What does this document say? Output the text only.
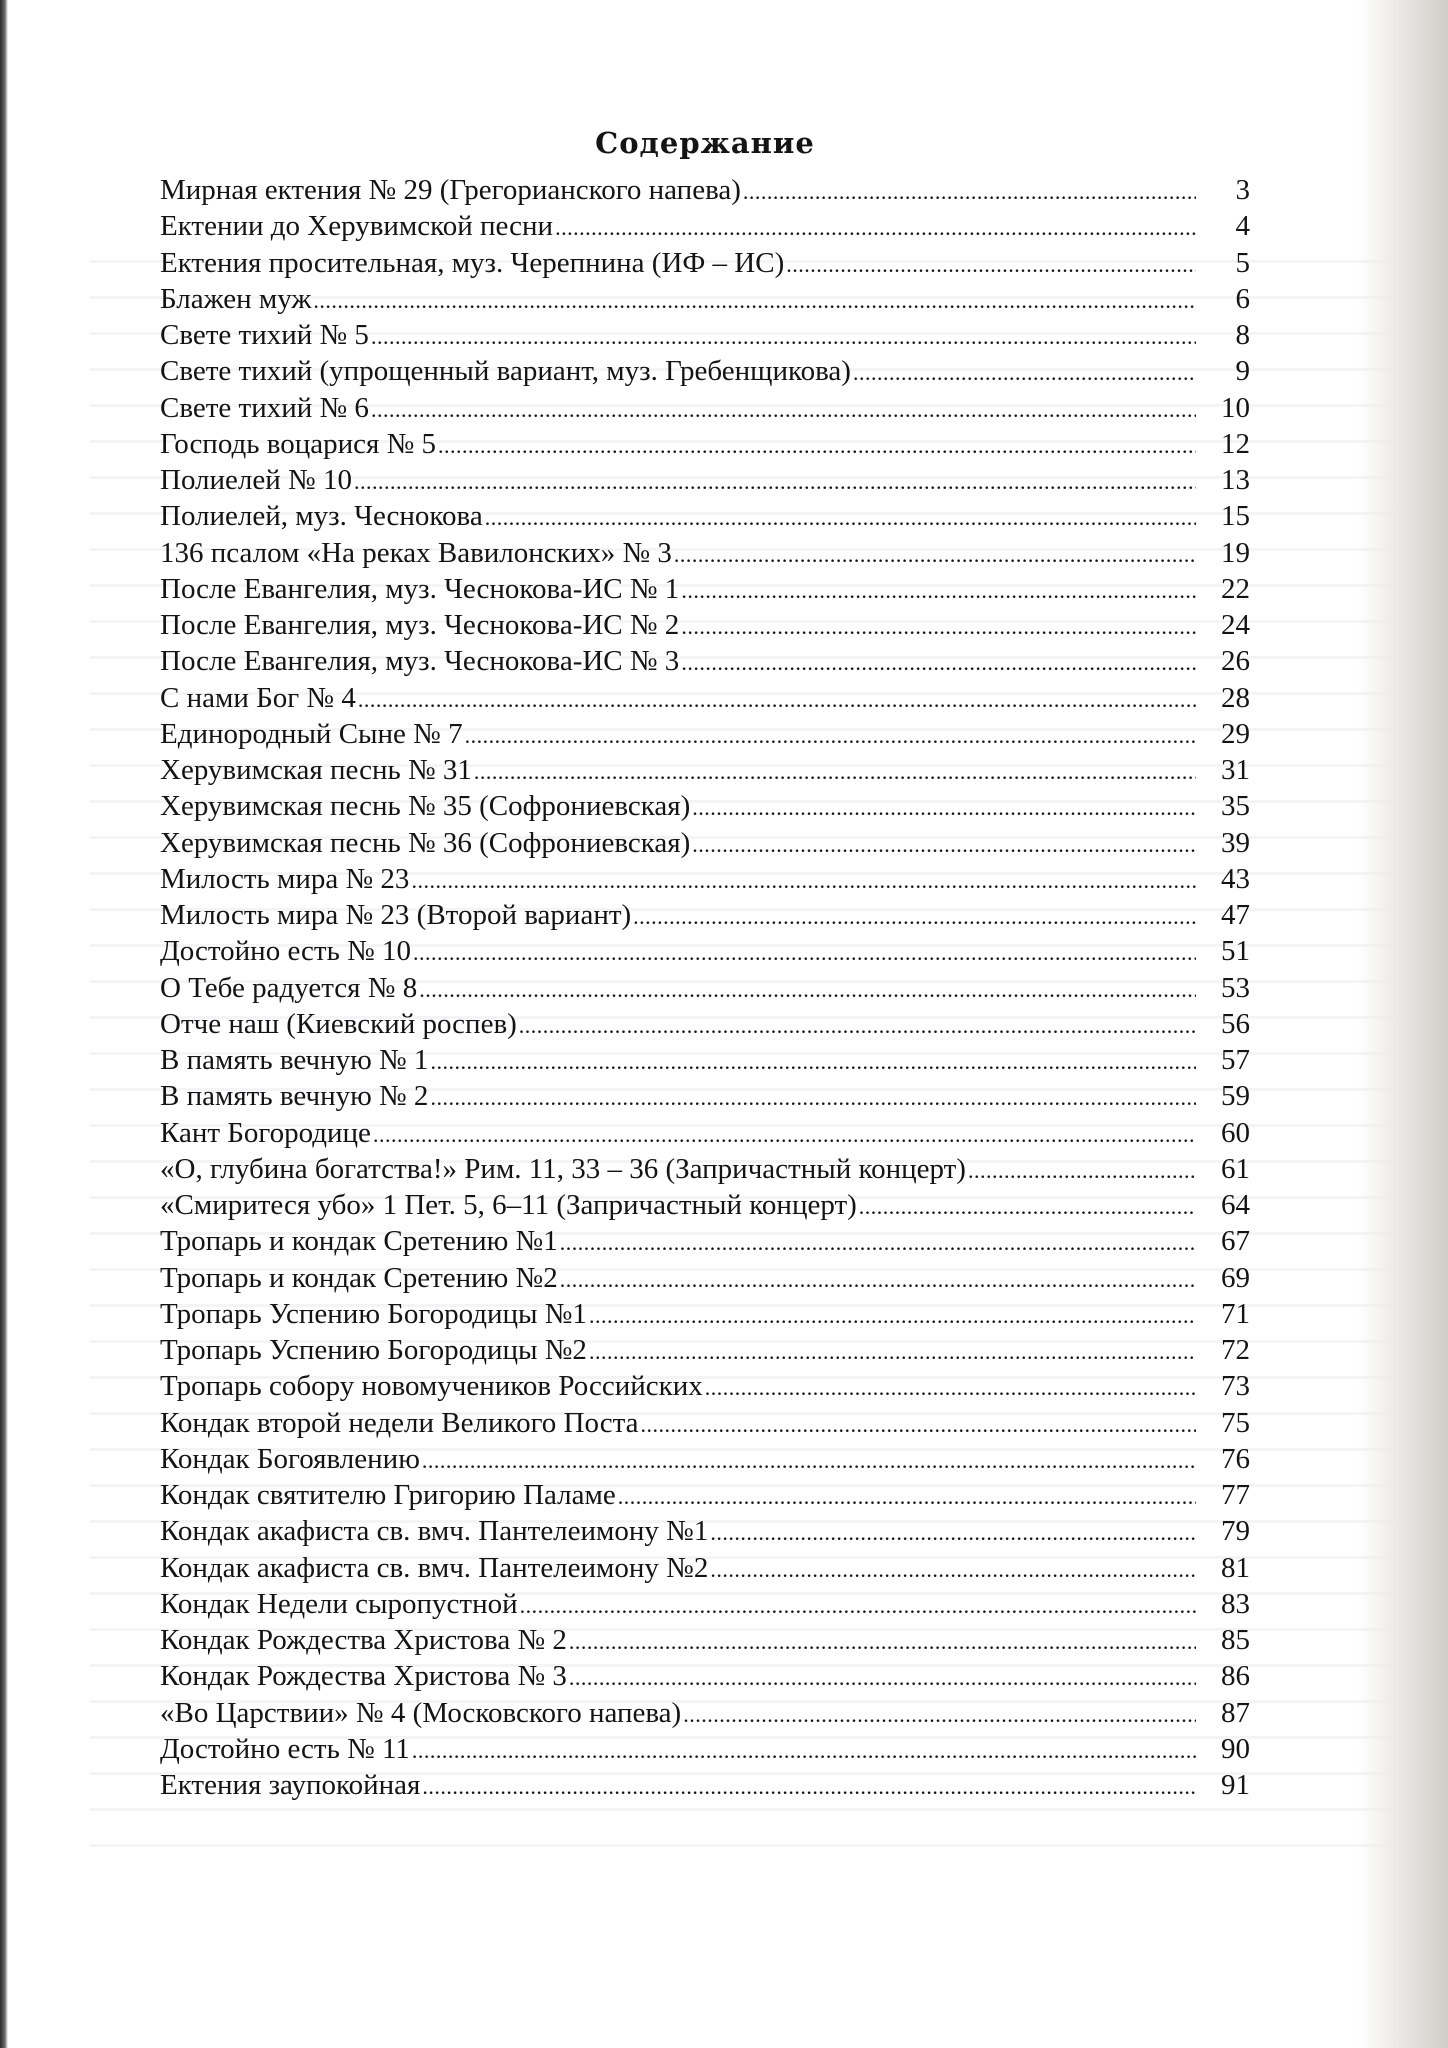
Содержание
Мирная ектения № 29 (Грегорианского напева) .....	3
Ектении до Херувимской песни .....	4
Ектения просительная, муз. Черепнина (ИФ – ИС) .....	5
Блажен муж .....	6
Свете тихий № 5 .....	8
Свете тихий (упрощенный вариант, муз. Гребенщикова) .....	9
Свете тихий № 6 .....	10
Господь воцарися № 5 .....	12
Полиелей № 10 .....	13
Полиелей, муз. Чеснокова .....	15
136 псалом «На реках Вавилонских» № 3 .....	19
После Евангелия, муз. Чеснокова-ИС № 1 .....	22
После Евангелия, муз. Чеснокова-ИС № 2 .....	24
После Евангелия, муз. Чеснокова-ИС № 3 .....	26
С нами Бог № 4 .....	28
Единородный Сыне № 7 .....	29
Херувимская песнь № 31 .....	31
Херувимская песнь № 35 (Софрониевская) .....	35
Херувимская песнь № 36 (Софрониевская) .....	39
Милость мира № 23 .....	43
Милость мира № 23 (Второй вариант) .....	47
Достойно есть № 10 .....	51
О Тебе радуется № 8 .....	53
Отче наш (Киевский роспев) .....	56
В память вечную № 1 .....	57
В память вечную № 2 .....	59
Кант Богородице .....	60
«О, глубина богатства!» Рим. 11, 33 – 36 (Запричастный концерт) .....	61
«Смиритеся убо» 1 Пет. 5, 6–11 (Запричастный концерт) .....	64
Тропарь и кондак Сретению №1 .....	67
Тропарь и кондак Сретению №2 .....	69
Тропарь Успению Богородицы №1 .....	71
Тропарь Успению Богородицы №2 .....	72
Тропарь собору новомучеников Российских .....	73
Кондак второй недели Великого Поста .....	75
Кондак Богоявлению .....	76
Кондак святителю Григорию Паламе .....	77
Кондак акафиста св. вмч. Пантелеимону №1 .....	79
Кондак акафиста св. вмч. Пантелеимону №2 .....	81
Кондак Недели сыропустной .....	83
Кондак Рождества Христова № 2 .....	85
Кондак Рождества Христова № 3 .....	86
«Во Царствии» № 4 (Московского напева) .....	87
Достойно есть № 11 .....	90
Ектения заупокойная .....	91
